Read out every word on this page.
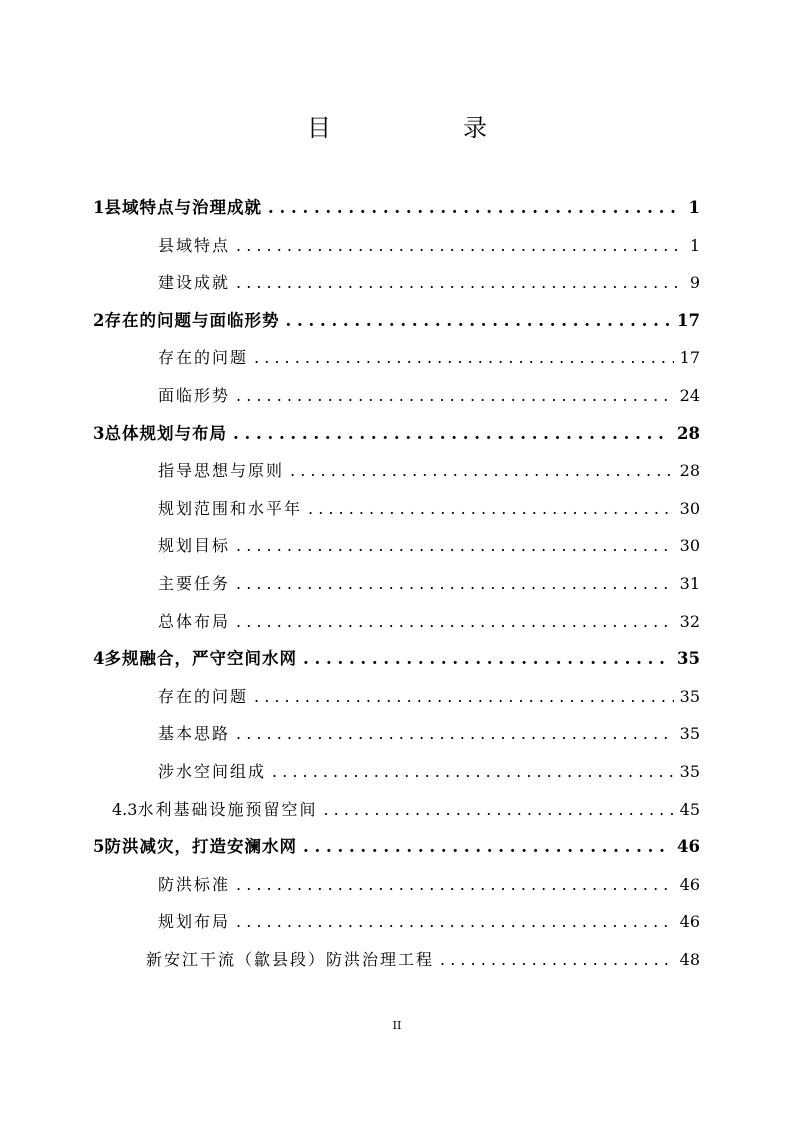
目　录
1 县域特点与治理成就 . . .	1
县域特点 . . .	1
建设成就 . . .	9
2 存在的问题与面临形势 . . .	17
存在的问题 . . .	17
面临形势 . . .	24
3 总体规划与布局 . . .	28
指导思想与原则 . . .	28
规划范围和水平年 . . .	30
规划目标 . . .	30
主要任务 . . .	31
总体布局 . . .	32
4 多规融合，严守空间水网 . . .	35
存在的问题 . . .	35
基本思路 . . .	35
涉水空间组成 . . .	35
4.3 水利基础设施预留空间 . . .	45
5 防洪减灾，打造安澜水网 . . .	46
防洪标准 . . .	46
规划布局 . . .	46
新安江干流（歙县段）防洪治理工程 . . .	48
II
